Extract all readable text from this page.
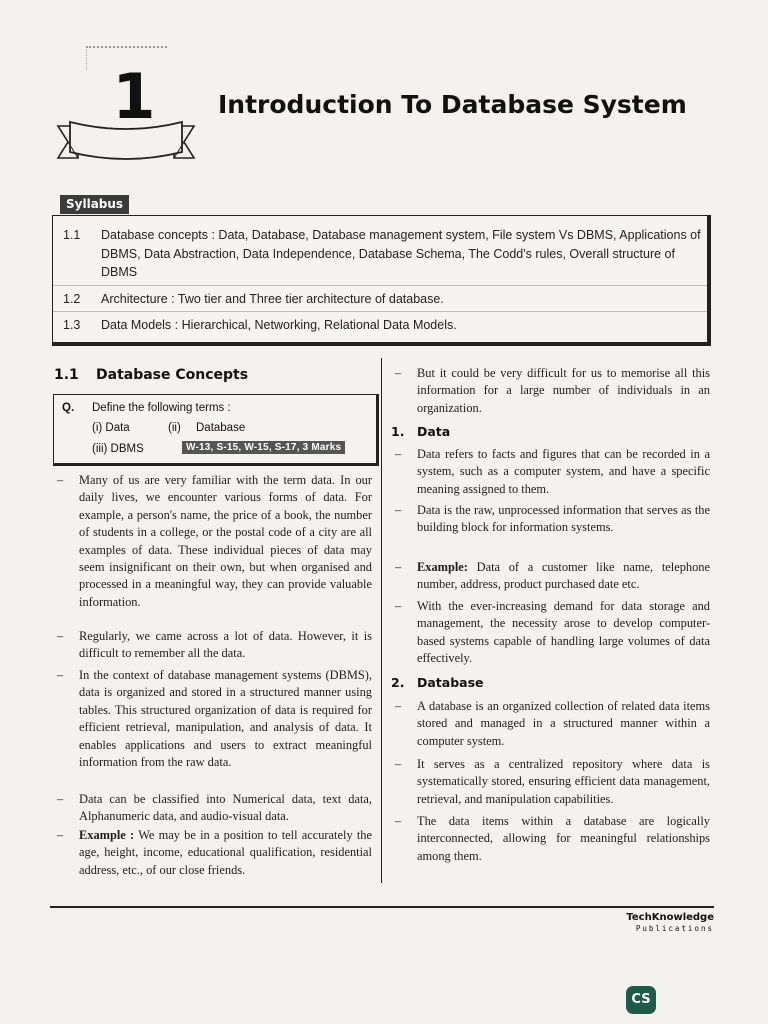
1	Introduction To Database System
Syllabus
1.1 Database concepts : Data, Database, Database management system, File system Vs DBMS, Applications of DBMS, Data Abstraction, Data Independence, Database Schema, The Codd's rules, Overall structure of DBMS
1.2 Architecture : Two tier and Three tier architecture of database.
1.3 Data Models : Hierarchical, Networking, Relational Data Models.
1.1 Database Concepts
Q. Define the following terms :
(i) Data	(ii) Database
(iii) DBMS	W-13, S-15, W-15, S-17, 3 Marks
– Many of us are very familiar with the term data. In our daily lives, we encounter various forms of data. For example, a person's name, the price of a book, the number of students in a college, or the postal code of a city are all examples of data. These individual pieces of data may seem insignificant on their own, but when organised and processed in a meaningful way, they can provide valuable information.
– Regularly, we came across a lot of data. However, it is difficult to remember all the data.
– In the context of database management systems (DBMS), data is organized and stored in a structured manner using tables. This structured organization of data is required for efficient retrieval, manipulation, and analysis of data. It enables applications and users to extract meaningful information from the raw data.
– Data can be classified into Numerical data, text data, Alphanumeric data, and audio-visual data.
– Example : We may be in a position to tell accurately the age, height, income, educational qualification, residential address, etc., of our close friends.
– But it could be very difficult for us to memorise all this information for a large number of individuals in an organization.
1. Data
– Data refers to facts and figures that can be recorded in a system, such as a computer system, and have a specific meaning assigned to them.
– Data is the raw, unprocessed information that serves as the building block for information systems.
– Example: Data of a customer like name, telephone number, address, product purchased date etc.
– With the ever-increasing demand for data storage and management, the necessity arose to develop computer-based systems capable of handling large volumes of data effectively.
2. Database
– A database is an organized collection of related data items stored and managed in a structured manner within a computer system.
– It serves as a centralized repository where data is systematically stored, ensuring efficient data management, retrieval, and manipulation capabilities.
– The data items within a database are logically interconnected, allowing for meaningful relationships among them.
TechKnowledge
Publications
CS
